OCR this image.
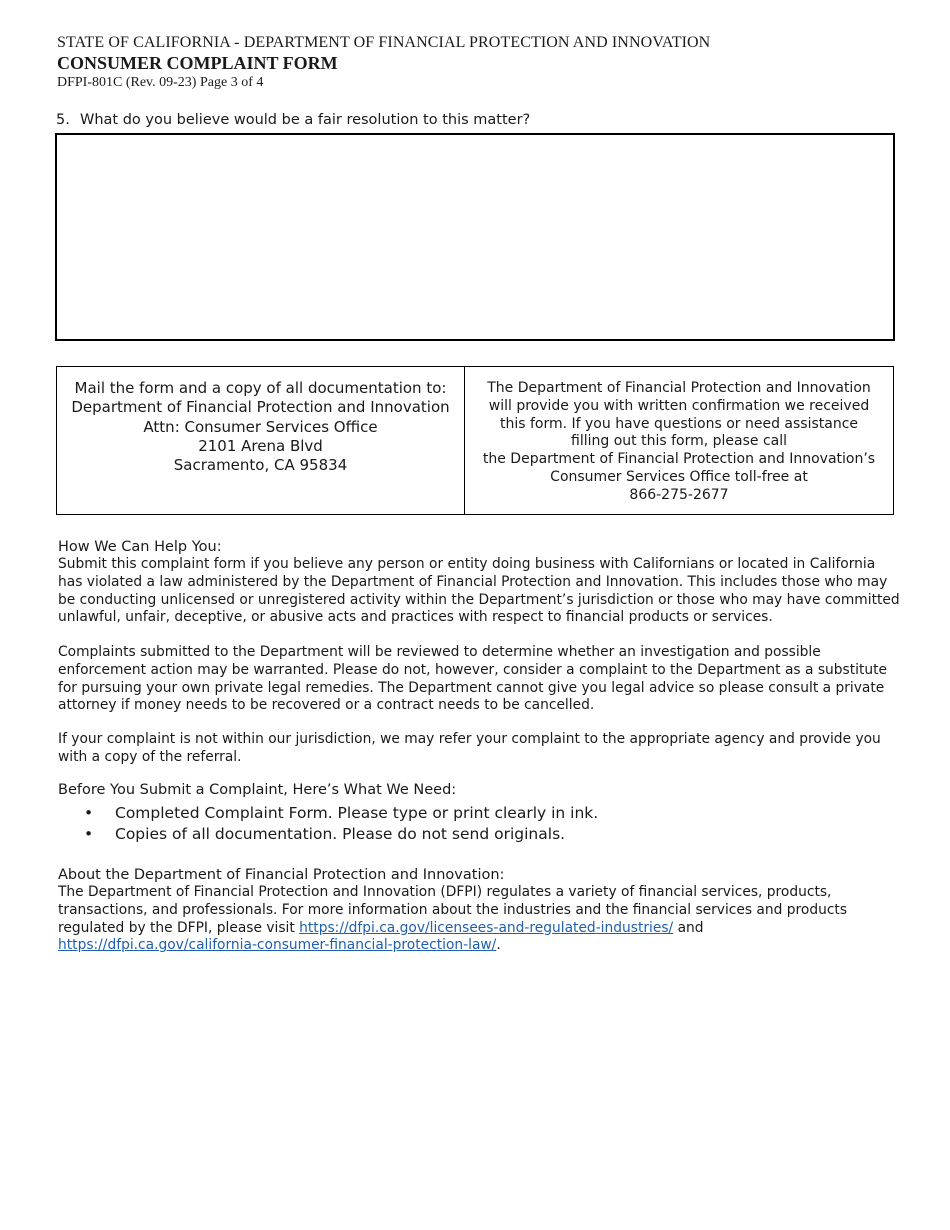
STATE OF CALIFORNIA - DEPARTMENT OF FINANCIAL PROTECTION AND INNOVATION
CONSUMER COMPLAINT FORM
DFPI-801C (Rev. 09-23) Page 3 of 4
5. What do you believe would be a fair resolution to this matter?
Mail the form and a copy of all documentation to:
Department of Financial Protection and Innovation
Attn: Consumer Services Office
2101 Arena Blvd
Sacramento, CA 95834
The Department of Financial Protection and Innovation
will provide you with written confirmation we received
this form. If you have questions or need assistance
filling out this form, please call
the Department of Financial Protection and Innovation’s
Consumer Services Office toll-free at
866-275-2677
How We Can Help You:
Submit this complaint form if you believe any person or entity doing business with Californians or located in California has violated a law administered by the Department of Financial Protection and Innovation. This includes those who may be conducting unlicensed or unregistered activity within the Department’s jurisdiction or those who may have committed unlawful, unfair, deceptive, or abusive acts and practices with respect to financial products or services.
Complaints submitted to the Department will be reviewed to determine whether an investigation and possible enforcement action may be warranted. Please do not, however, consider a complaint to the Department as a substitute for pursuing your own private legal remedies. The Department cannot give you legal advice so please consult a private attorney if money needs to be recovered or a contract needs to be cancelled.
If your complaint is not within our jurisdiction, we may refer your complaint to the appropriate agency and provide you with a copy of the referral.
Before You Submit a Complaint, Here’s What We Need:
• Completed Complaint Form. Please type or print clearly in ink.
• Copies of all documentation. Please do not send originals.
About the Department of Financial Protection and Innovation:
The Department of Financial Protection and Innovation (DFPI) regulates a variety of financial services, products, transactions, and professionals. For more information about the industries and the financial services and products regulated by the DFPI, please visit https://dfpi.ca.gov/licensees-and-regulated-industries/ and https://dfpi.ca.gov/california-consumer-financial-protection-law/.
